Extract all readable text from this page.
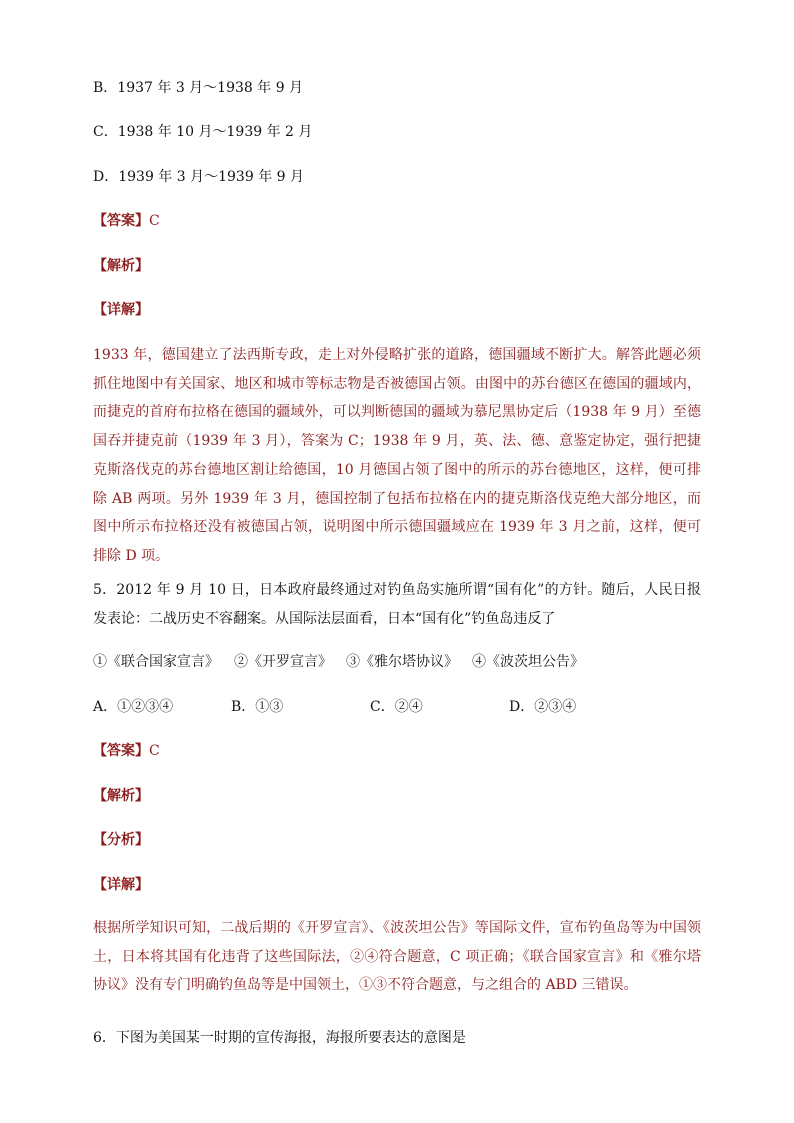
B．1937 年 3 月～1938 年 9 月
C．1938 年 10 月～1939 年 2 月
D．1939 年 3 月～1939 年 9 月
【答案】C
【解析】
【详解】
1933 年，德国建立了法西斯专政，走上对外侵略扩张的道路，德国疆域不断扩大。解答此题必须抓住地图中有关国家、地区和城市等标志物是否被德国占领。由图中的苏台德区在德国的疆域内，而捷克的首府布拉格在德国的疆域外，可以判断德国的疆域为慕尼黑协定后（1938 年 9 月）至德国吞并捷克前（1939 年 3 月），答案为 C；1938 年 9 月，英、法、德、意鉴定协定，强行把捷克斯洛伐克的苏台德地区割让给德国，10 月德国占领了图中的所示的苏台德地区，这样，便可排除 AB 两项。另外 1939 年 3 月，德国控制了包括布拉格在内的捷克斯洛伐克绝大部分地区，而图中所示布拉格还没有被德国占领，说明图中所示德国疆域应在 1939 年 3 月之前，这样，便可排除 D 项。
5．2012 年 9 月 10 日，日本政府最终通过对钓鱼岛实施所谓“国有化”的方针。随后，人民日报发表论：二战历史不容翻案。从国际法层面看，日本“国有化”钓鱼岛违反了
①《联合国家宣言》 ②《开罗宣言》 ③《雅尔塔协议》 ④《波茨坦公告》
A．①②③④	B．①③	C．②④	D．②③④
【答案】C
【解析】
【分析】
【详解】
根据所学知识可知，二战后期的《开罗宣言》、《波茨坦公告》等国际文件，宣布钓鱼岛等为中国领土，日本将其国有化违背了这些国际法，②④符合题意，C 项正确；《联合国家宣言》和《雅尔塔协议》没有专门明确钓鱼岛等是中国领土，①③不符合题意，与之组合的 ABD 三错误。
6．下图为美国某一时期的宣传海报，海报所要表达的意图是
